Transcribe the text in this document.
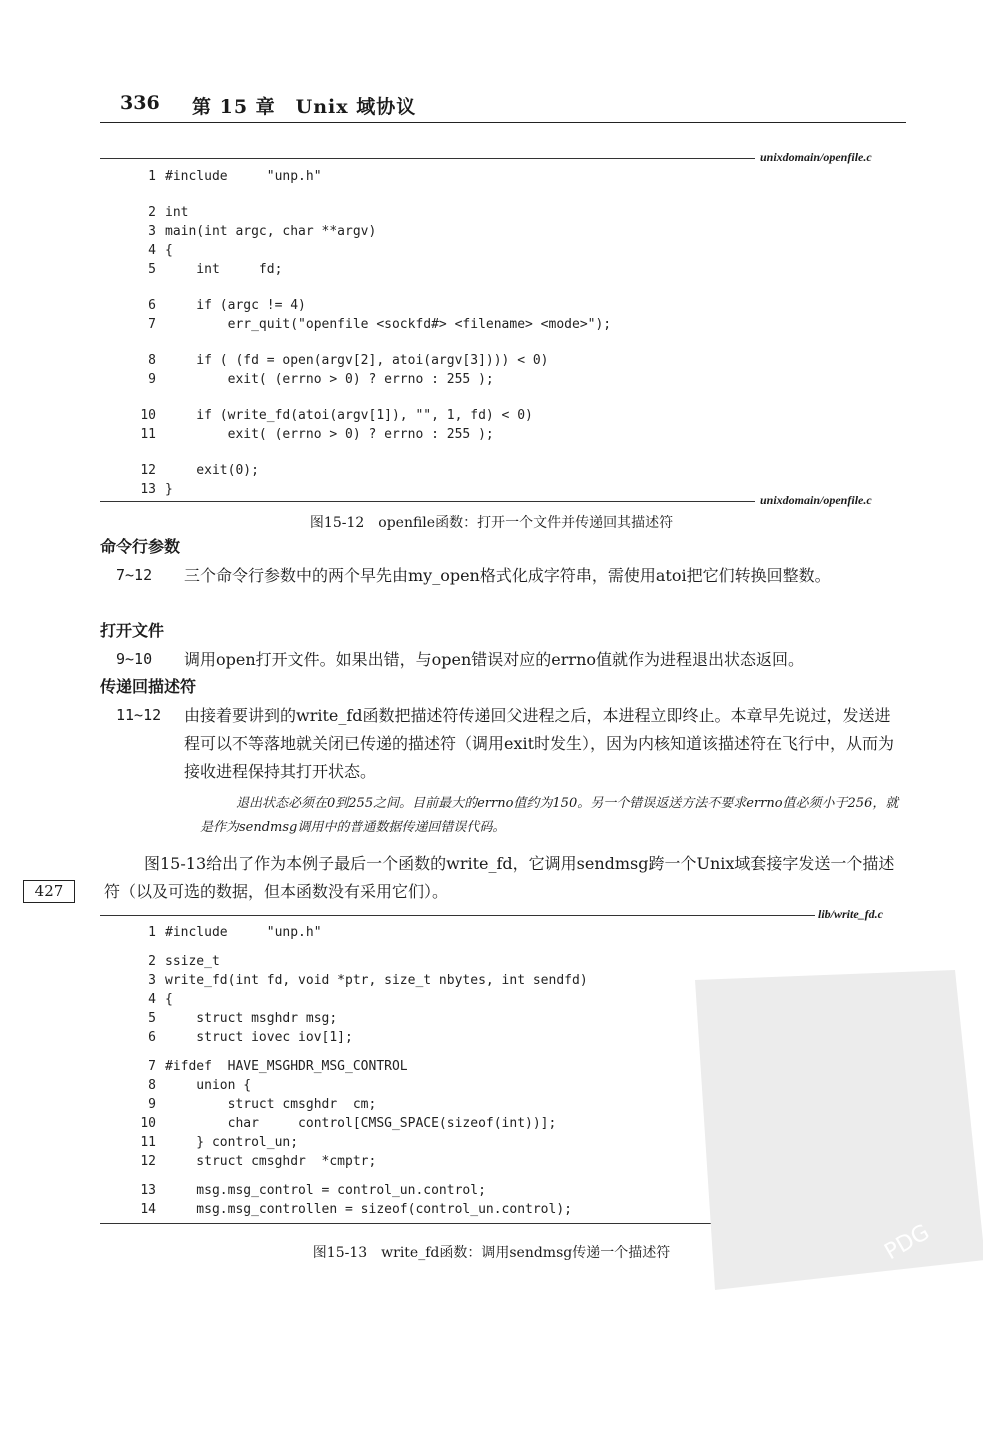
336 第 15 章　Unix 域协议
unixdomain/openfile.c
1 #include     "unp.h"
2 int
3 main(int argc, char **argv)
4 {
5    int     fd;
6    if (argc != 4)
7        err_quit("openfile <sockfd#> <filename> <mode>");
8    if ( (fd = open(argv[2], atoi(argv[3]))) < 0)
9        exit( (errno > 0) ? errno : 255 );
10    if (write_fd(atoi(argv[1]), "", 1, fd) < 0)
11        exit( (errno > 0) ? errno : 255 );
12    exit(0);
13 }
unixdomain/openfile.c
图15-12　openfile函数：打开一个文件并传递回其描述符
命令行参数
7~12 三个命令行参数中的两个早先由my_open格式化成字符串，需使用atoi把它们转换回整数。
打开文件
9~10 调用open打开文件。如果出错，与open错误对应的errno值就作为进程退出状态返回。
传递回描述符
11~12 由接着要讲到的write_fd函数把描述符传递回父进程之后，本进程立即终止。本章早先说过，发送进程可以不等落地就关闭已传递的描述符（调用exit时发生），因为内核知道该描述符在飞行中，从而为接收进程保持其打开状态。
退出状态必须在0到255之间。目前最大的errno值约为150。另一个错误返送方法不要求errno值必须小于256，就是作为sendmsg调用中的普通数据传递回错误代码。
图15-13给出了作为本例子最后一个函数的write_fd，它调用sendmsg跨一个Unix域套接字发送一个描述符（以及可选的数据，但本函数没有采用它们）。
427
lib/write_fd.c
1 #include     "unp.h"
2 ssize_t
3 write_fd(int fd, void *ptr, size_t nbytes, int sendfd)
4 {
5    struct msghdr msg;
6    struct iovec iov[1];
7 #ifdef  HAVE_MSGHDR_MSG_CONTROL
8    union {
9        struct cmsghdr  cm;
10        char     control[CMSG_SPACE(sizeof(int))];
11    } control_un;
12    struct cmsghdr  *cmptr;
13    msg.msg_control = control_un.control;
14    msg.msg_controllen = sizeof(control_un.control);
图15-13　write_fd函数：调用sendmsg传递一个描述符	PDG
